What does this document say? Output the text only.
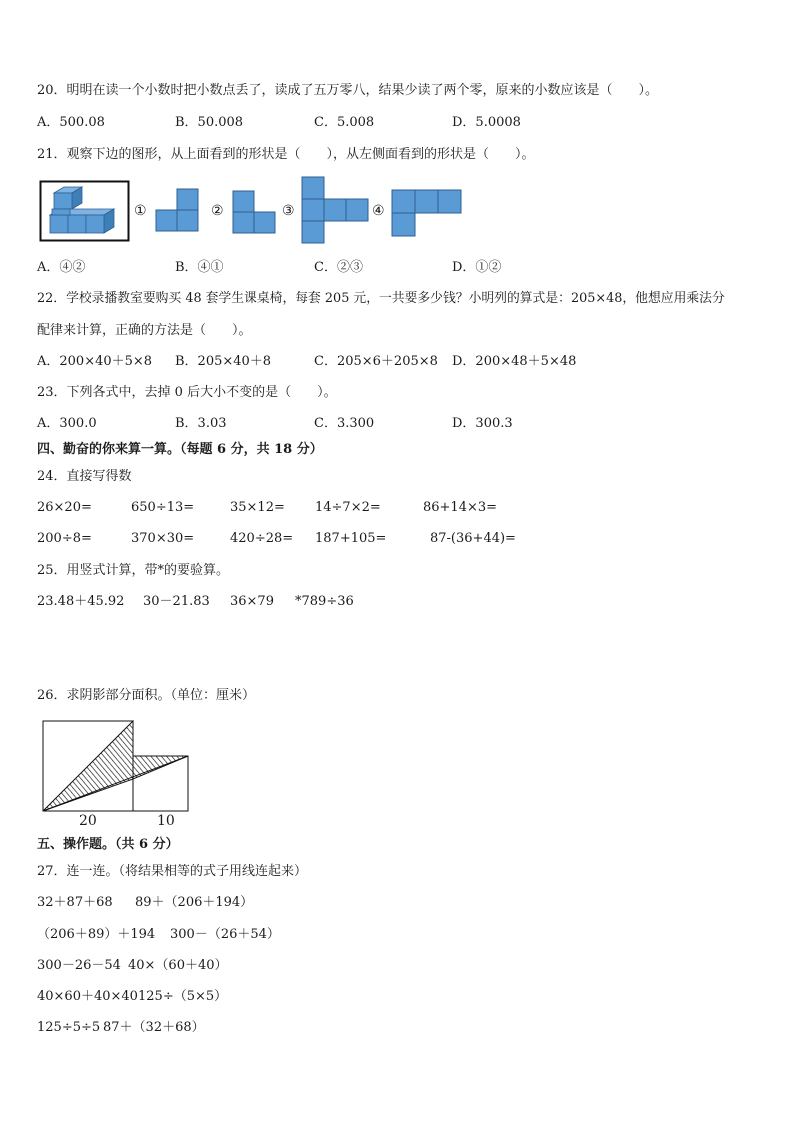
20．明明在读一个小数时把小数点丢了，读成了五万零八，结果少读了两个零，原来的小数应该是（　　）。
A．500.08	B．50.008	C．5.008	D．5.0008
21．观察下边的图形，从上面看到的形状是（　　），从左侧面看到的形状是（　　）。
①	②	③	④
A．④②	B．④①	C．②③	D．①②
22．学校录播教室要购买 48 套学生课桌椅，每套 205 元，一共要多少钱？小明列的算式是：205×48，他想应用乘法分
配律来计算，正确的方法是（　　）。
A．200×40＋5×8 B．205×40＋8	C．205×6＋205×8 D．200×48＋5×48
23．下列各式中，去掉 0 后大小不变的是（　　）。
A．300.0	B．3.03	C．3.300	D．300.3
四、勤奋的你来算一算。（每题 6 分，共 18 分）
24．直接写得数
26×20=	650÷13=	35×12= 14÷7×2=	86+14×3=
200÷8=	370×30=	420÷28= 187+105=	87-(36+44)=
25．用竖式计算，带*的要验算。
23.48＋45.92 30－21.83 36×79 *789÷36
26．求阴影部分面积。（单位：厘米）
20	10
五、操作题。（共 6 分）
27．连一连。（将结果相等的式子用线连起来）
32＋87＋68 89＋（206＋194）
（206＋89）＋194 300－（26＋54）
300－26－54 40×（60＋40）
40×60＋40×40 125÷（5×5）
125÷5÷5 87＋（32＋68）
